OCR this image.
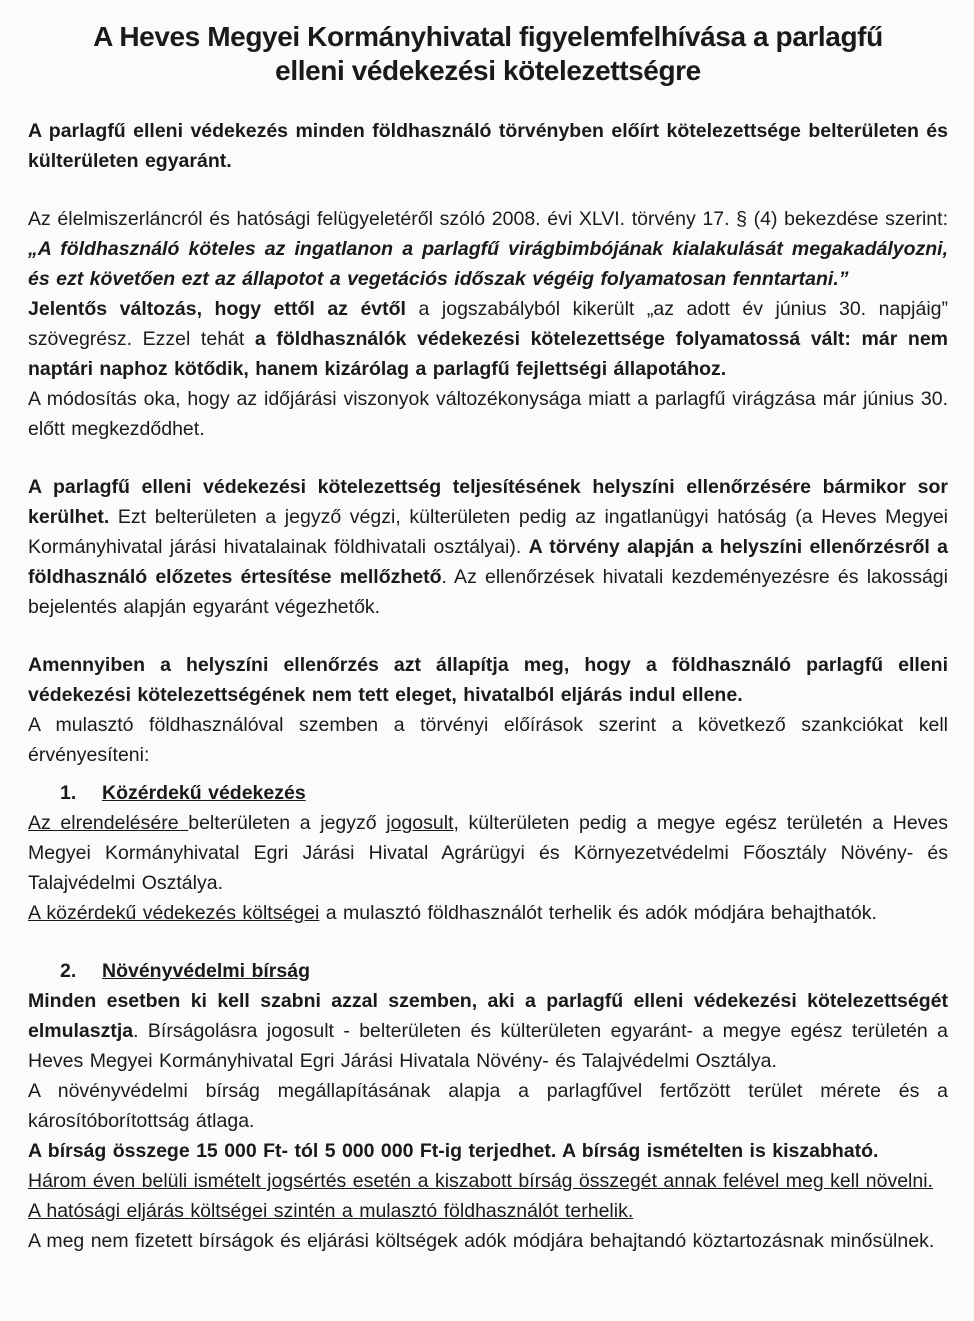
A Heves Megyei Kormányhivatal figyelemfelhívása a parlagfű elleni védekezési kötelezettségre
A parlagfű elleni védekezés minden földhasználó törvényben előírt kötelezettsége belterületen és külterületen egyaránt.
Az élelmiszerláncról és hatósági felügyeletéről szóló 2008. évi XLVI. törvény 17. § (4) bekezdése szerint: „A földhasználó köteles az ingatlanon a parlagfű virágbimbójának kialakulását megakadályozni, és ezt követően ezt az állapotot a vegetációs időszak végéig folyamatosan fenntartani.”
Jelentős változás, hogy ettől az évtől a jogszabályból kikerült „az adott év június 30. napjáig” szövegrész. Ezzel tehát a földhasználók védekezési kötelezettsége folyamatossá vált: már nem naptári naphoz kötődik, hanem kizárólag a parlagfű fejlettségi állapotához.
A módosítás oka, hogy az időjárási viszonyok változékonysága miatt a parlagfű virágzása már június 30. előtt megkezdődhet.
A parlagfű elleni védekezési kötelezettség teljesítésének helyszíni ellenőrzésére bármikor sor kerülhet. Ezt belterületen a jegyző végzi, külterületen pedig az ingatlanügyi hatóság (a Heves Megyei Kormányhivatal járási hivatalainak földhivatali osztályai). A törvény alapján a helyszíni ellenőrzésről a földhasználó előzetes értesítése mellőzhető. Az ellenőrzések hivatali kezdeményezésre és lakossági bejelentés alapján egyaránt végezhetők.
Amennyiben a helyszíni ellenőrzés azt állapítja meg, hogy a földhasználó parlagfű elleni védekezési kötelezettségének nem tett eleget, hivatalból eljárás indul ellene.
A mulasztó földhasználóval szemben a törvényi előírások szerint a következő szankciókat kell érvényesíteni:
1. Közérdekű védekezés
Az elrendelésére belterületen a jegyző jogosult, külterületen pedig a megye egész területén a Heves Megyei Kormányhivatal Egri Járási Hivatal Agrárügyi és Környezetvédelmi Főosztály Növény- és Talajvédelmi Osztálya.
A közérdekű védekezés költségei a mulasztó földhasználót terhelik és adók módjára behajthatók.
2. Növényvédelmi bírság
Minden esetben ki kell szabni azzal szemben, aki a parlagfű elleni védekezési kötelezettségét elmulasztja. Bírságolásra jogosult - belterületen és külterületen egyaránt- a megye egész területén a Heves Megyei Kormányhivatal Egri Járási Hivatala Növény- és Talajvédelmi Osztálya.
A növényvédelmi bírság megállapításának alapja a parlagfűvel fertőzött terület mérete és a károsítóborítottság átlaga.
A bírság összege 15 000 Ft- tól 5 000 000 Ft-ig terjedhet. A bírság ismételten is kiszabható.
Három éven belüli ismételt jogsértés esetén a kiszabott bírság összegét annak felével meg kell növelni.
A hatósági eljárás költségei szintén a mulasztó földhasználót terhelik.
A meg nem fizetett bírságok és eljárási költségek adók módjára behajtandó köztartozásnak minősülnek.
